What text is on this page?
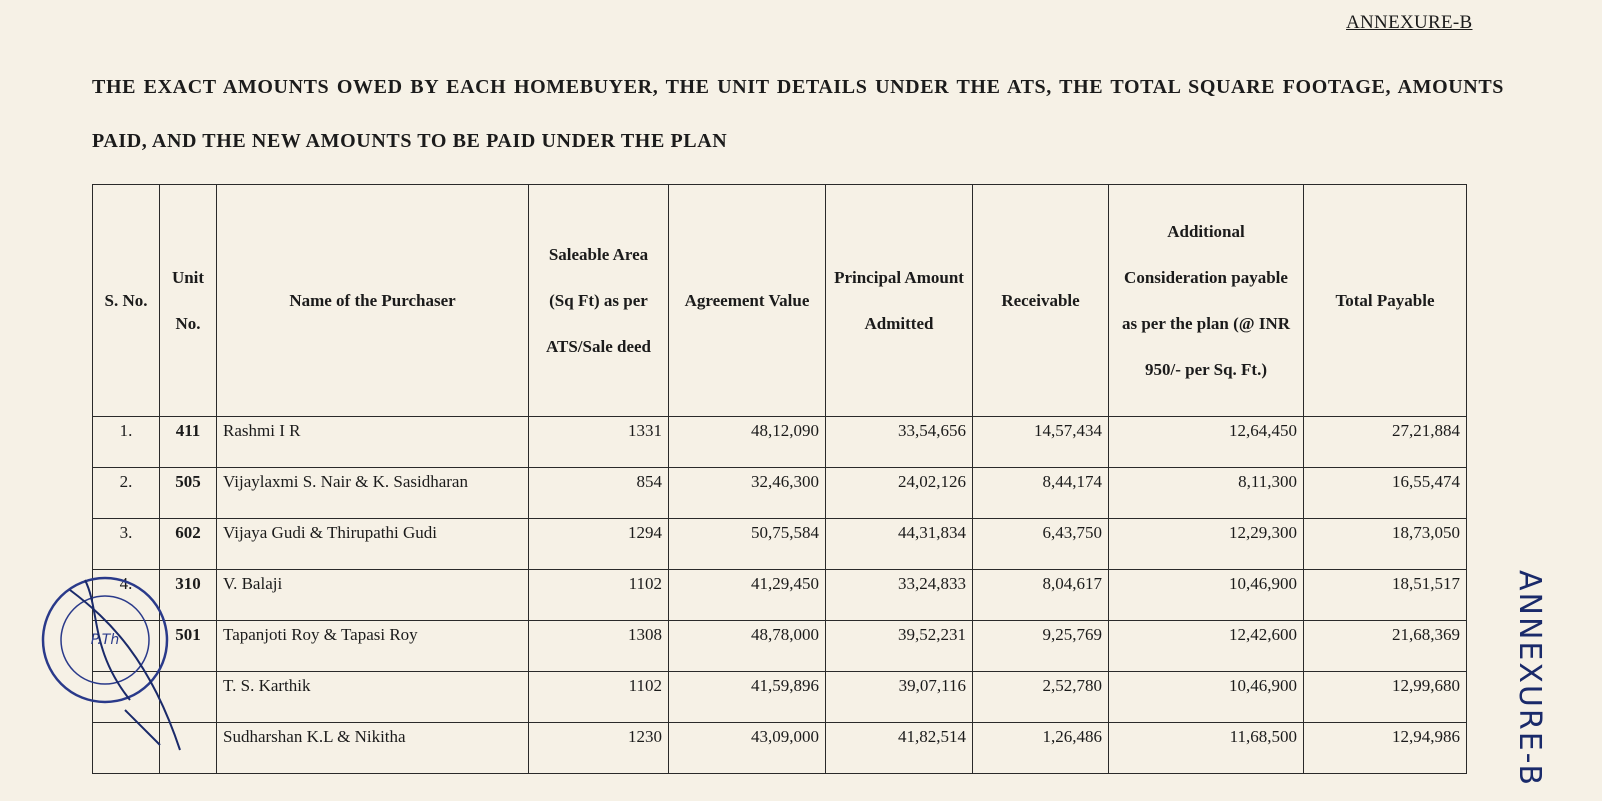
ANNEXURE-B
THE EXACT AMOUNTS OWED BY EACH HOMEBUYER, THE UNIT DETAILS UNDER THE ATS, THE TOTAL SQUARE FOOTAGE, AMOUNTS PAID, AND THE NEW AMOUNTS TO BE PAID UNDER THE PLAN
S. No.	Unit No.	Name of the Purchaser	Saleable Area (Sq Ft) as per ATS/Sale deed	Agreement Value	Principal Amount Admitted	Receivable	Additional Consideration payable as per the plan (@ INR 950/- per Sq. Ft.)	Total Payable
1.	411	Rashmi I R	1331	48,12,090	33,54,656	14,57,434	12,64,450	27,21,884
2.	505	Vijaylaxmi S. Nair & K. Sasidharan	854	32,46,300	24,02,126	8,44,174	8,11,300	16,55,474
3.	602	Vijaya Gudi & Thirupathi Gudi	1294	50,75,584	44,31,834	6,43,750	12,29,300	18,73,050
4.	310	V. Balaji	1102	41,29,450	33,24,833	8,04,617	10,46,900	18,51,517
	501	Tapanjoti Roy & Tapasi Roy	1308	48,78,000	39,52,231	9,25,769	12,42,600	21,68,369
		T. S. Karthik	1102	41,59,896	39,07,116	2,52,780	10,46,900	12,99,680
		Sudharshan K.L & Nikitha	1230	43,09,000	41,82,514	1,26,486	11,68,500	12,94,986
P.Th	ANNEXURE-B
